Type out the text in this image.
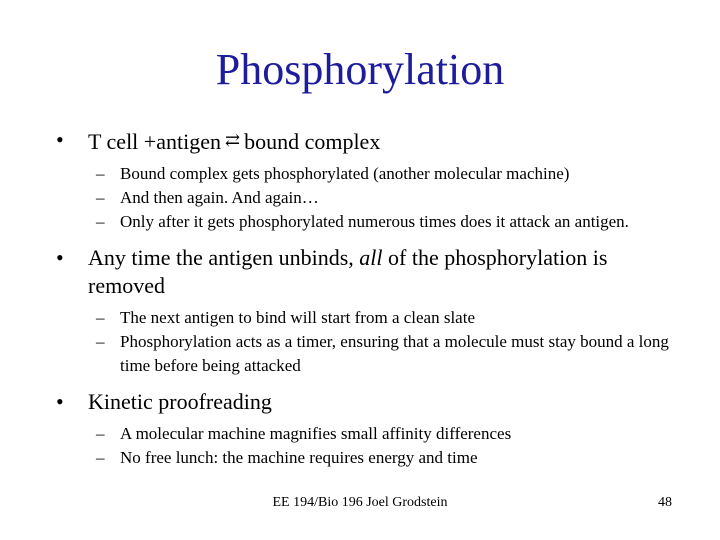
Phosphorylation
• T cell +antigen ⇄ bound complex
– Bound complex gets phosphorylated (another molecular machine)
– And then again. And again…
– Only after it gets phosphorylated numerous times does it attack an antigen.
• Any time the antigen unbinds, all of the phosphorylation is removed
– The next antigen to bind will start from a clean slate
– Phosphorylation acts as a timer, ensuring that a molecule must stay bound a long time before being attacked
• Kinetic proofreading
– A molecular machine magnifies small affinity differences
– No free lunch: the machine requires energy and time
EE 194/Bio 196 Joel Grodstein	48
